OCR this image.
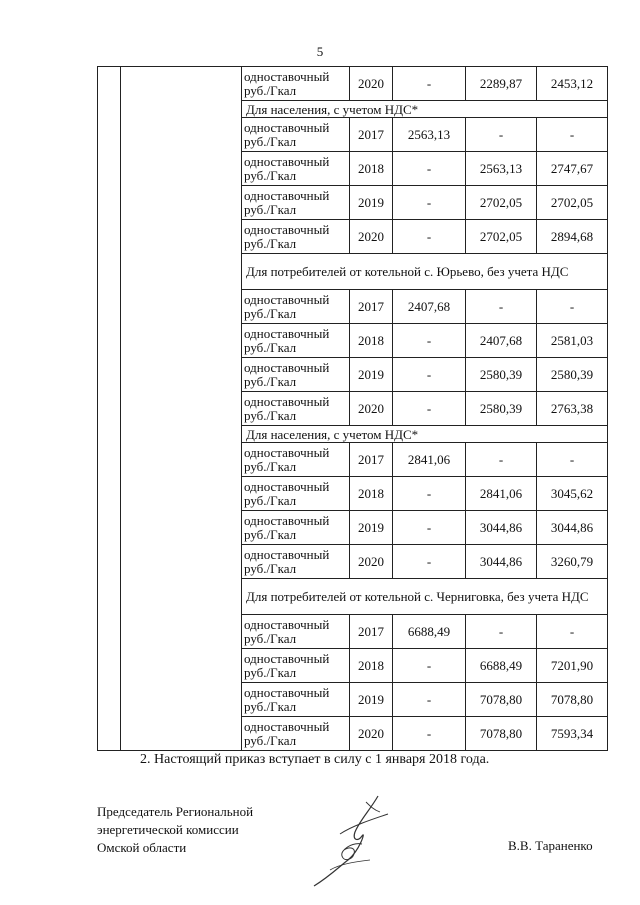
5
		одноставочный руб./Гкал	2020	-	2289,87	2453,12
		Для населения, с учетом НДС*				
		одноставочный руб./Гкал	2017	2563,13	-	-
		одноставочный руб./Гкал	2018	-	2563,13	2747,67
		одноставочный руб./Гкал	2019	-	2702,05	2702,05
		одноставочный руб./Гкал	2020	-	2702,05	2894,68
		Для потребителей от котельной с. Юрьево, без учета НДС				
		одноставочный руб./Гкал	2017	2407,68	-	-
		одноставочный руб./Гкал	2018	-	2407,68	2581,03
		одноставочный руб./Гкал	2019	-	2580,39	2580,39
		одноставочный руб./Гкал	2020	-	2580,39	2763,38
		Для населения, с учетом НДС*				
		одноставочный руб./Гкал	2017	2841,06	-	-
		одноставочный руб./Гкал	2018	-	2841,06	3045,62
		одноставочный руб./Гкал	2019	-	3044,86	3044,86
		одноставочный руб./Гкал	2020	-	3044,86	3260,79
		Для потребителей от котельной с. Черниговка, без учета НДС				
		одноставочный руб./Гкал	2017	6688,49	-	-
		одноставочный руб./Гкал	2018	-	6688,49	7201,90
		одноставочный руб./Гкал	2019	-	7078,80	7078,80
		одноставочный руб./Гкал	2020	-	7078,80	7593,34
2. Настоящий приказ вступает в силу с 1 января 2018 года.
Председатель Региональной
энергетической комиссии
Омской области	В.В. Тараненко
